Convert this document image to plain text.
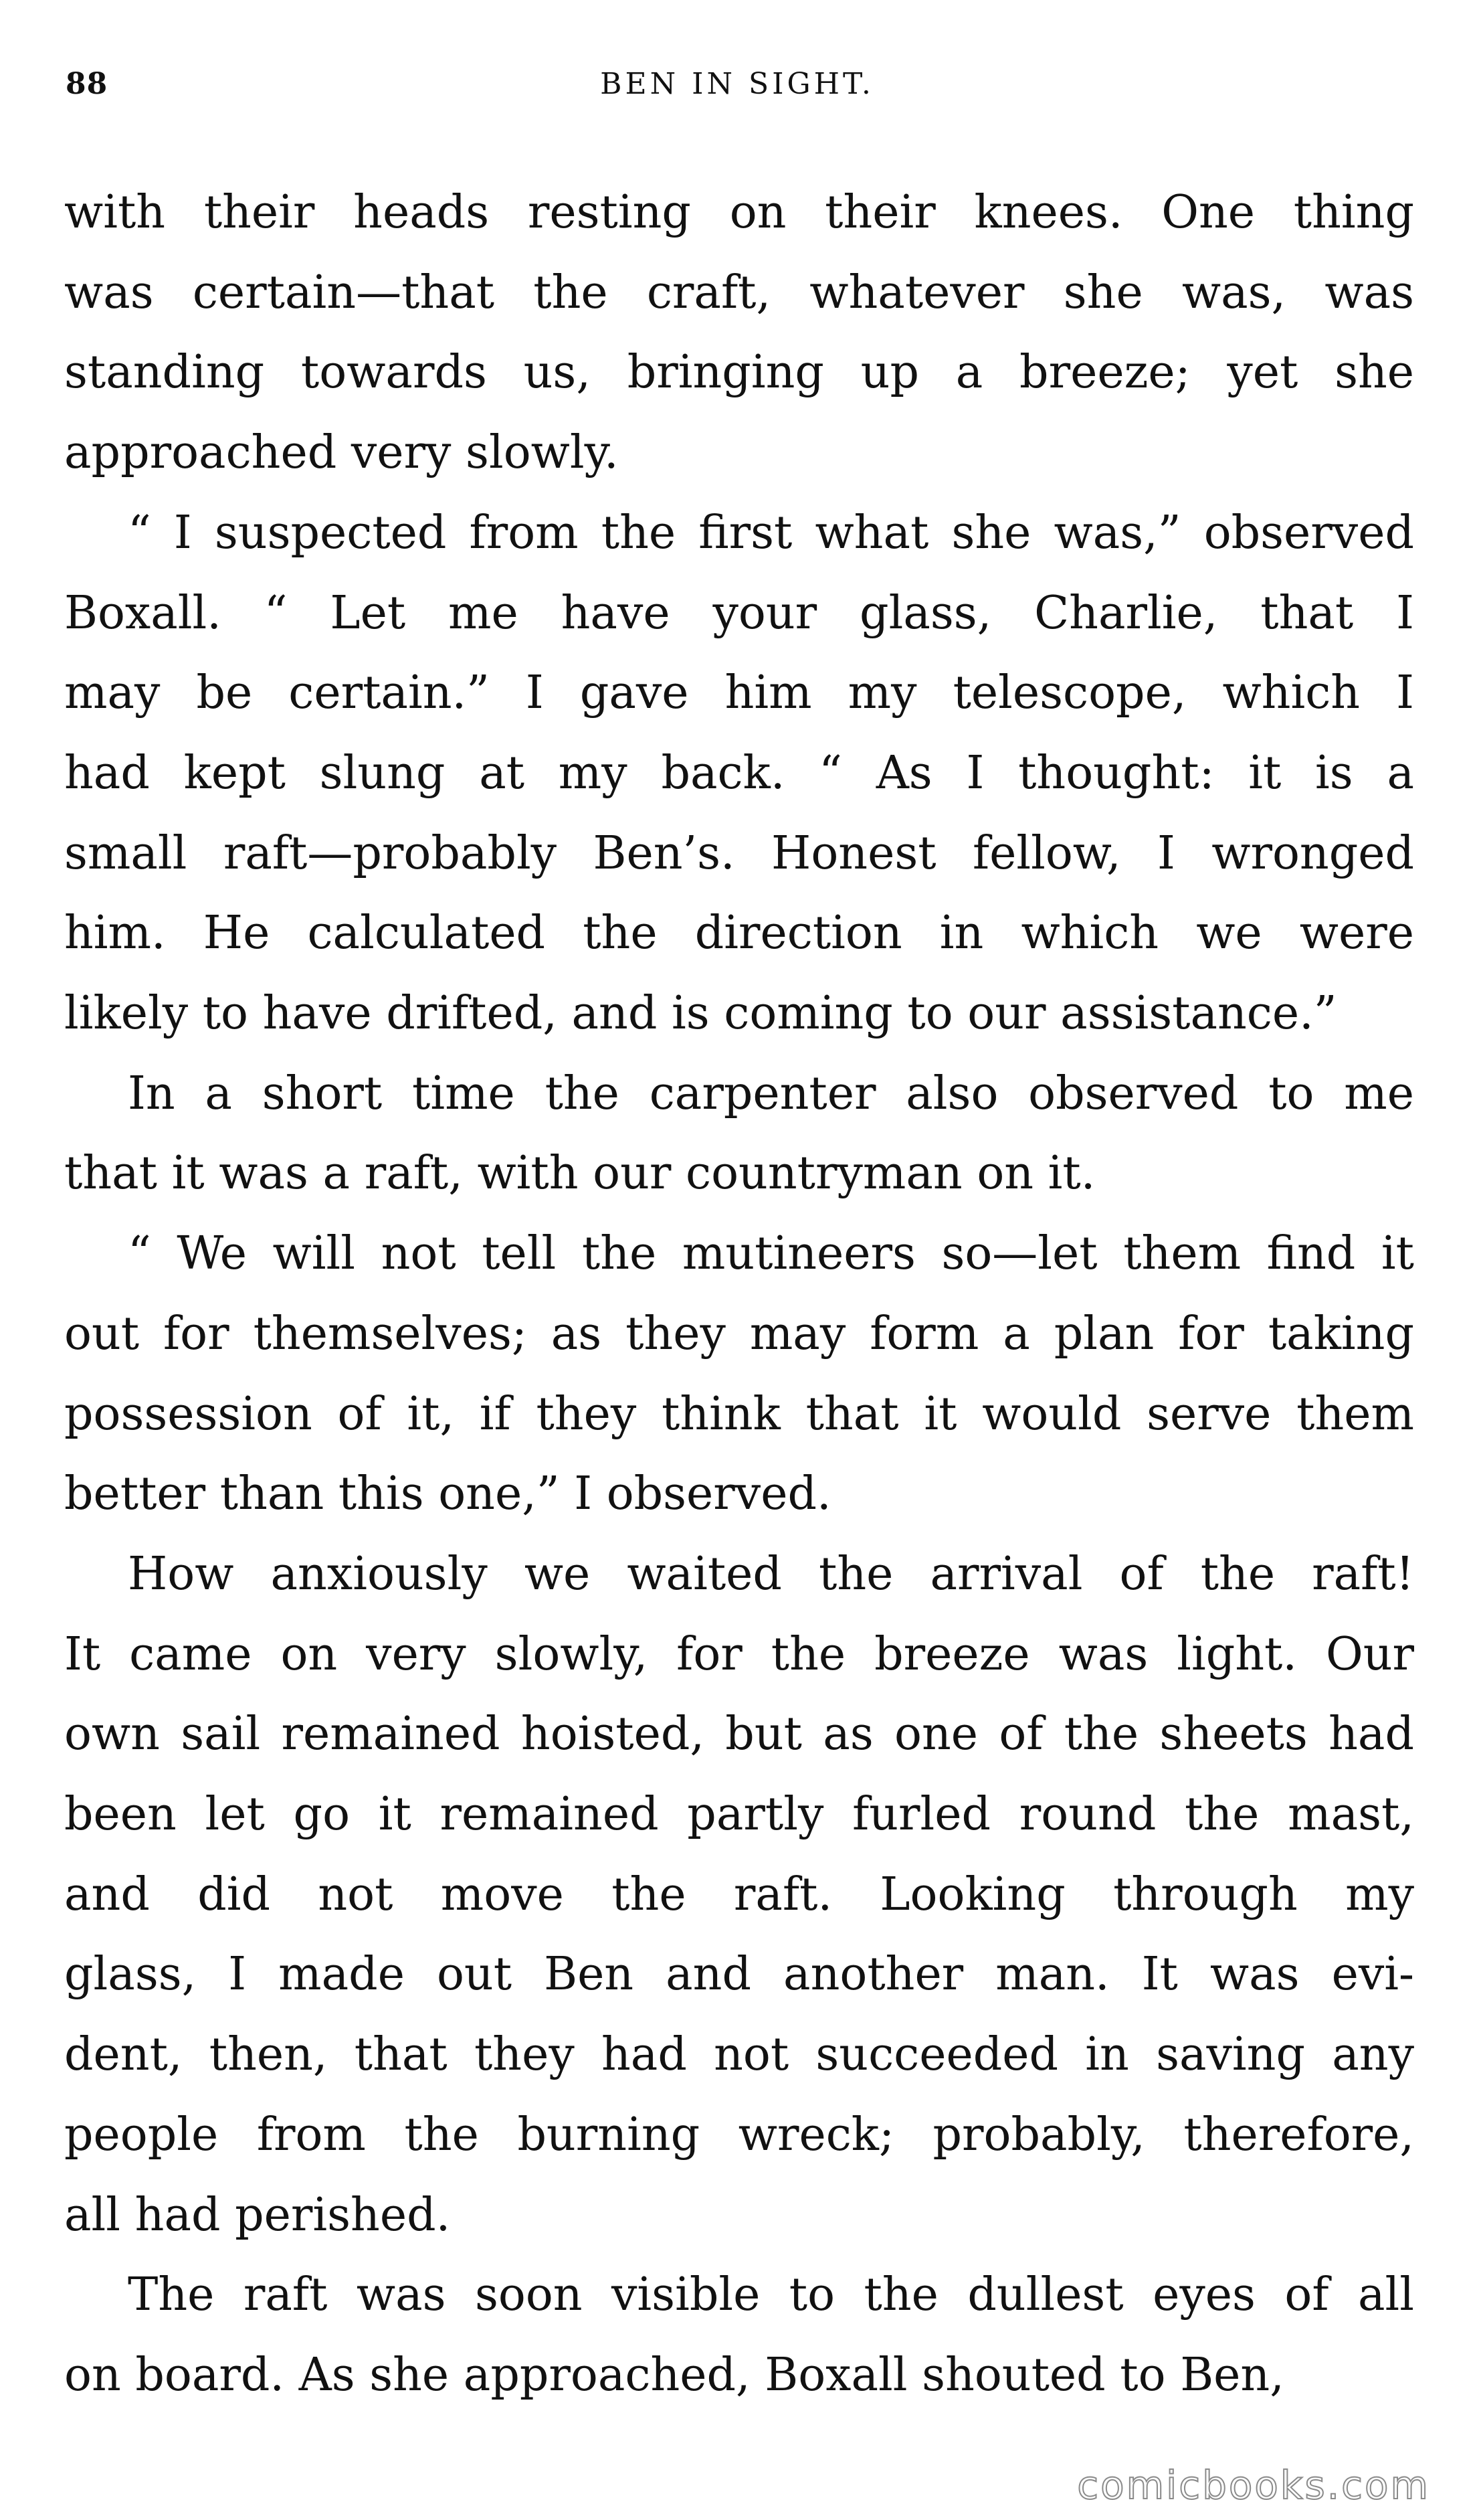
88	BEN IN SIGHT.

with their heads resting on their knees. One thing
was certain—that the craft, whatever she was, was
standing towards us, bringing up a breeze; yet she
approached very slowly.

“ I suspected from the first what she was,” observed
Boxall. “ Let me have your glass, Charlie, that I
may be certain.” I gave him my telescope, which I
had kept slung at my back. “ As I thought: it is a
small raft—probably Ben’s. Honest fellow, I wronged
him. He calculated the direction in which we were
likely to have drifted, and is coming to our assistance.”

In a short time the carpenter also observed to me
that it was a raft, with our countryman on it.

“ We will not tell the mutineers so—let them find it
out for themselves; as they may form a plan for taking
possession of it, if they think that it would serve them
better than this one,” I observed.

How anxiously we waited the arrival of the raft!
It came on very slowly, for the breeze was light. Our
own sail remained hoisted, but as one of the sheets had
been let go it remained partly furled round the mast,
and did not move the raft. Looking through my
glass, I made out Ben and another man. It was evi-
dent, then, that they had not succeeded in saving any
people from the burning wreck; probably, therefore,
all had perished.

The raft was soon visible to the dullest eyes of all
on board. As she approached, Boxall shouted to Ben,

comicbooks.com
